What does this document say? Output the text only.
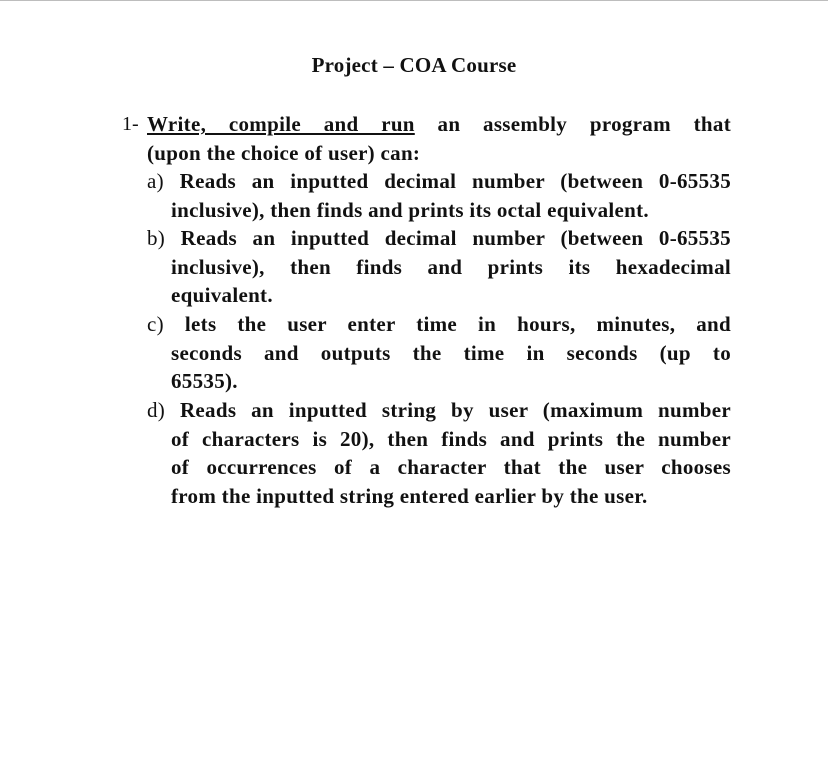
Project – COA Course
1- Write, compile and run an assembly program that
(upon the choice of user) can:
a) Reads an inputted decimal number (between 0-65535
inclusive), then finds and prints its octal equivalent.
b) Reads an inputted decimal number (between 0-65535
inclusive), then finds and prints its hexadecimal
equivalent.
c) lets the user enter time in hours, minutes, and
seconds and outputs the time in seconds (up to
65535).
d) Reads an inputted string by user (maximum number
of characters is 20), then finds and prints the number
of occurrences of a character that the user chooses
from the inputted string entered earlier by the user.
